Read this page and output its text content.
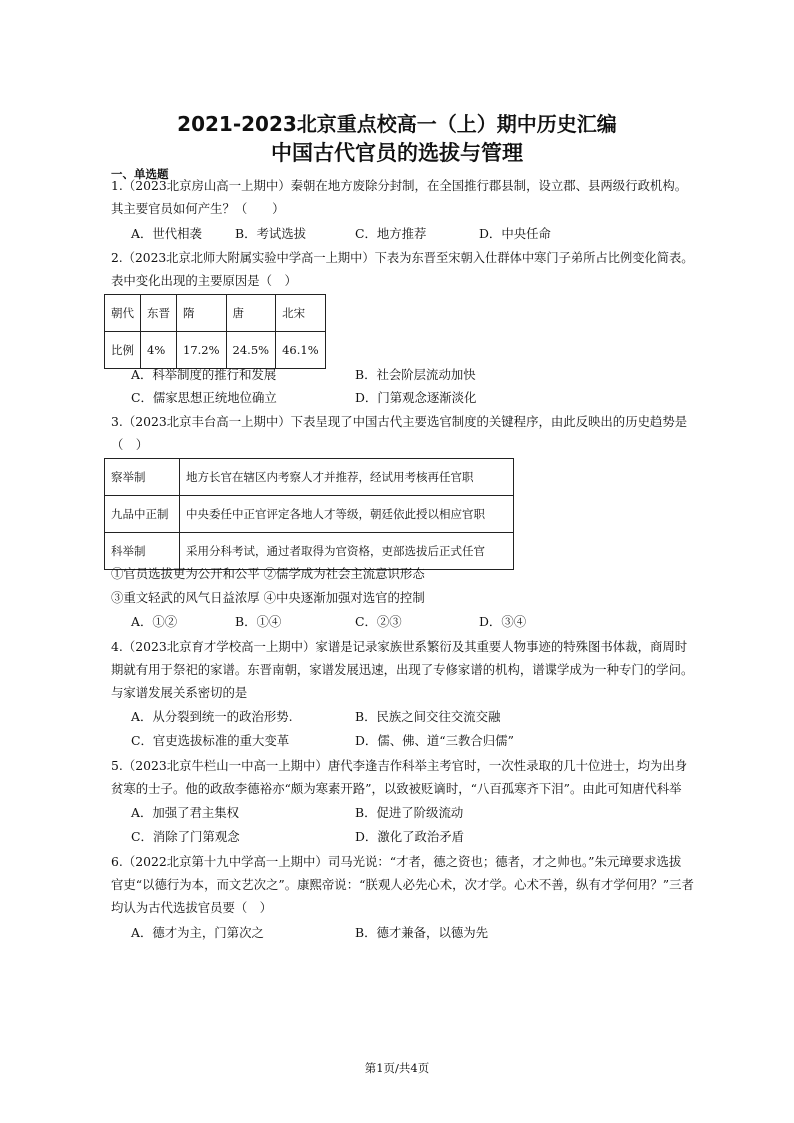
2021-2023北京重点校高一（上）期中历史汇编
中国古代官员的选拔与管理
一、单选题
1.（2023北京房山高一上期中）秦朝在地方废除分封制，在全国推行郡县制，设立郡、县两级行政机构。
其主要官员如何产生？（　　）
A．世代相袭	B．考试选拔	C．地方推荐	D．中央任命
2.（2023北京北师大附属实验中学高一上期中）下表为东晋至宋朝入仕群体中寒门子弟所占比例变化简表。
表中变化出现的主要原因是（　）
朝代	东晋	隋	唐	北宋
比例	4%	17.2%	24.5%	46.1%
A．科举制度的推行和发展	B．社会阶层流动加快
C．儒家思想正统地位确立	D．门第观念逐渐淡化
3.（2023北京丰台高一上期中）下表呈现了中国古代主要选官制度的关键程序，由此反映出的历史趋势是
（　）
察举制	地方长官在辖区内考察人才并推荐，经试用考核再任官职
九品中正制	中央委任中正官评定各地人才等级，朝廷依此授以相应官职
科举制	采用分科考试，通过者取得为官资格，吏部选拔后正式任官
①官员选拔更为公开和公平 ②儒学成为社会主流意识形态
③重文轻武的风气日益浓厚 ④中央逐渐加强对选官的控制
A．①②	B．①④	C．②③	D．③④
4.（2023北京育才学校高一上期中）家谱是记录家族世系繁衍及其重要人物事迹的特殊图书体裁，商周时
期就有用于祭祀的家谱。东晋南朝，家谱发展迅速，出现了专修家谱的机构，谱谍学成为一种专门的学问。
与家谱发展关系密切的是
A．从分裂到统一的政治形势.	B．民族之间交往交流交融
C．官吏选拔标准的重大变革	D．儒、佛、道“三教合归儒”
5.（2023北京牛栏山一中高一上期中）唐代李逢吉作科举主考官时，一次性录取的几十位进士，均为出身
贫寒的士子。他的政敌李德裕亦“颇为寒素开路”，以致被贬谪时，“八百孤寒齐下泪”。由此可知唐代科举
A．加强了君主集权	B．促进了阶级流动
C．消除了门第观念	D．激化了政治矛盾
6.（2022北京第十九中学高一上期中）司马光说：“才者，德之资也；德者，才之帅也。”朱元璋要求选拔
官吏“以德行为本，而文艺次之”。康熙帝说：“朕观人必先心术，次才学。心术不善，纵有才学何用？”三者
均认为古代选拔官员要（　）
A．德才为主，门第次之	B．德才兼备，以德为先
第1页/共4页
